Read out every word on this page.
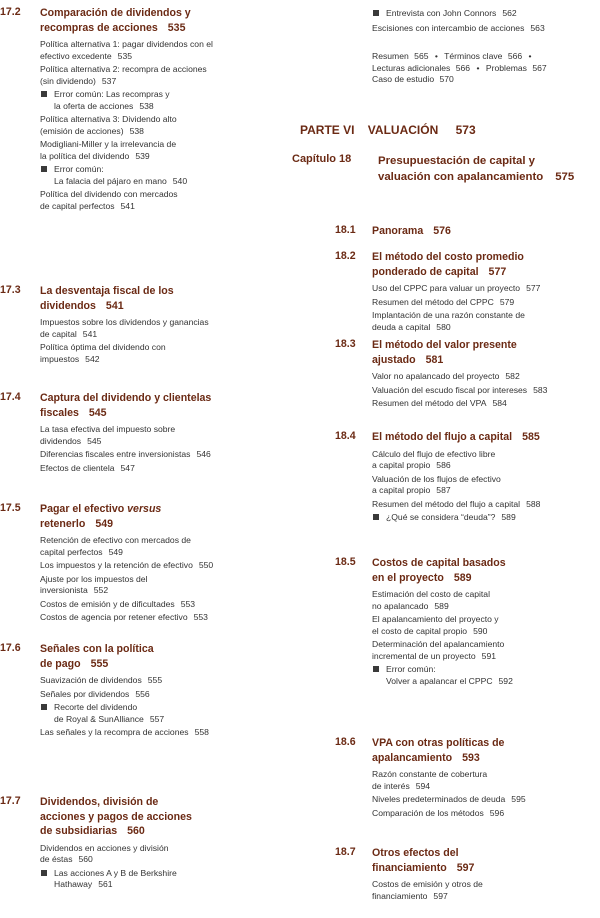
17.2 Comparación de dividendos y
recompras de acciones 535
Política alternativa 1: pagar dividendos con el
efectivo excedente 535
Política alternativa 2: recompra de acciones
(sin dividendo) 537
Error común: Las recompras y
la oferta de acciones 538
Política alternativa 3: Dividendo alto
(emisión de acciones) 538
Modigliani-Miller y la irrelevancia de
la política del dividendo 539
Error común:
La falacia del pájaro en mano 540
Política del dividendo con mercados
de capital perfectos 541
17.3 La desventaja fiscal de los
dividendos 541
Impuestos sobre los dividendos y ganancias
de capital 541
Política óptima del dividendo con
impuestos 542
17.4 Captura del dividendo y clientelas
fiscales 545
La tasa efectiva del impuesto sobre
dividendos 545
Diferencias fiscales entre inversionistas 546
Efectos de clientela 547
17.5 Pagar el efectivo versus
retenerlo 549
Retención de efectivo con mercados de
capital perfectos 549
Los impuestos y la retención de efectivo 550
Ajuste por los impuestos del
inversionista 552
Costos de emisión y de dificultades 553
Costos de agencia por retener efectivo 553
17.6 Señales con la política
de pago 555
Suavización de dividendos 555
Señales por dividendos 556
Recorte del dividendo
de Royal & SunAlliance 557
Las señales y la recompra de acciones 558
17.7 Dividendos, división de
acciones y pagos de acciones
de subsidiarias 560
Dividendos en acciones y división
de éstas 560
Las acciones A y B de Berkshire
Hathaway 561
Entrevista con John Connors 562
Escisiones con intercambio de acciones 563
Resumen 565 • Términos clave 566 •
Lecturas adicionales 566 • Problemas 567
Caso de estudio 570
PARTE VI VALUACIÓN 573
Capítulo 18 Presupuestación de capital y
valuación con apalancamiento 575
18.1 Panorama 576
18.2 El método del costo promedio
ponderado de capital 577
Uso del CPPC para valuar un proyecto 577
Resumen del método del CPPC 579
Implantación de una razón constante de
deuda a capital 580
18.3 El método del valor presente
ajustado 581
Valor no apalancado del proyecto 582
Valuación del escudo fiscal por intereses 583
Resumen del método del VPA 584
18.4 El método del flujo a capital 585
Cálculo del flujo de efectivo libre
a capital propio 586
Valuación de los flujos de efectivo
a capital propio 587
Resumen del método del flujo a capital 588
¿Qué se considera “deuda”? 589
18.5 Costos de capital basados
en el proyecto 589
Estimación del costo de capital
no apalancado 589
El apalancamiento del proyecto y
el costo de capital propio 590
Determinación del apalancamiento
incremental de un proyecto 591
Error común:
Volver a apalancar el CPPC 592
18.6 VPA con otras políticas de
apalancamiento 593
Razón constante de cobertura
de interés 594
Niveles predeterminados de deuda 595
Comparación de los métodos 596
18.7 Otros efectos del
financiamiento 597
Costos de emisión y otros de
financiamiento 597
